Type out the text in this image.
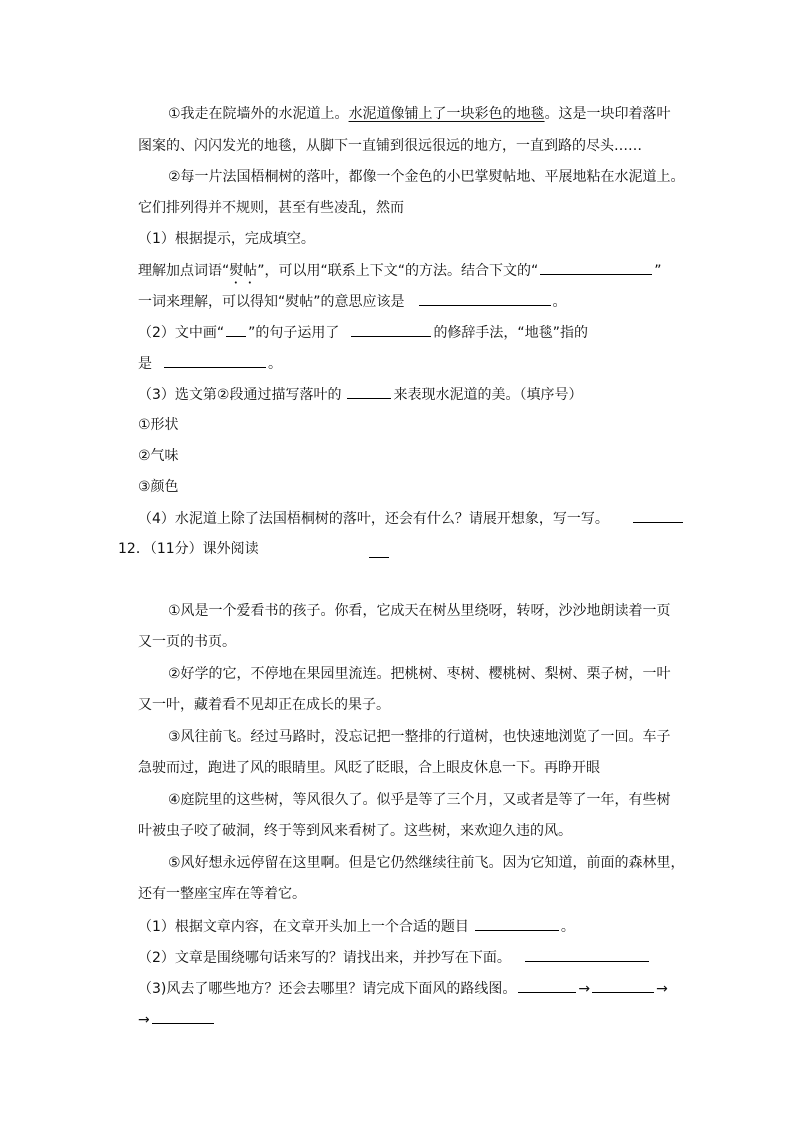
①我走在院墙外的水泥道上。水泥道像铺上了一块彩色的地毯。这是一块印着落叶
图案的、闪闪发光的地毯，从脚下一直铺到很远很远的地方，一直到路的尽头……
②每一片法国梧桐树的落叶，都像一个金色的小巴掌熨帖地、平展地粘在水泥道上。
它们排列得并不规则，甚至有些凌乱，然而
（1）根据提示，完成填空。
理解加点词语“熨帖”，可以用“联系上下文“的方法。结合下文的“	”
一词来理解，可以得知“熨帖”的意思应该是	。
（2）文中画“ ”的句子运用了	的修辞手法，“地毯”指的
是	。
（3）选文第②段通过描写落叶的	来表现水泥道的美。（填序号）
①形状
②气味
③颜色
（4）水泥道上除了法国梧桐树的落叶，还会有什么？请展开想象，写一写。
12．（11分）课外阅读
①风是一个爱看书的孩子。你看，它成天在树丛里绕呀，转呀，沙沙地朗读着一页
又一页的书页。
②好学的它，不停地在果园里流连。把桃树、枣树、樱桃树、梨树、栗子树，一叶
又一叶，藏着看不见却正在成长的果子。
③风往前飞。经过马路时，没忘记把一整排的行道树，也快速地浏览了一回。车子
急驶而过，跑进了风的眼睛里。风眨了眨眼，合上眼皮休息一下。再睁开眼
④庭院里的这些树，等风很久了。似乎是等了三个月，又或者是等了一年，有些树
叶被虫子咬了破洞，终于等到风来看树了。这些树，来欢迎久违的风。
⑤风好想永远停留在这里啊。但是它仍然继续往前飞。因为它知道，前面的森林里，
还有一整座宝库在等着它。
（1）根据文章内容，在文章开头加上一个合适的题目	。
（2）文章是围绕哪句话来写的？请找出来，并抄写在下面。
（3)风去了哪些地方？还会去哪里？请完成下面风的路线图。	→	→
→
